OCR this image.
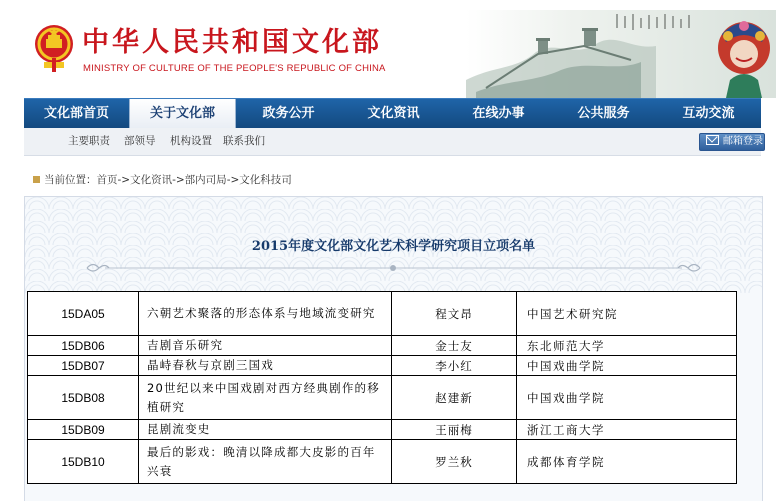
中华人民共和国文化部
MINISTRY OF CULTURE OF THE PEOPLE'S REPUBLIC OF CHINA
文化部首页	关于文化部	政务公开	文化资讯	在线办事	公共服务	互动交流
主要职责 部领导 机构设置 联系我们	邮箱登录
当前位置：首页->文化资讯->部内司局->文化科技司
2015年度文化部文化艺术科学研究项目立项名单
15DA05	六朝艺术聚落的形态体系与地域流变研究	程文昂	中国艺术研究院
15DB06	吉剧音乐研究	金士友	东北师范大学
15DB07	晶峙春秋与京剧三国戏	李小红	中国戏曲学院
15DB08	20世纪以来中国戏剧对西方经典剧作的移植研究	赵建新	中国戏曲学院
15DB09	昆剧流变史	王丽梅	浙江工商大学
15DB10	最后的影戏：晚清以降成都大皮影的百年兴衰	罗兰秋	成都体育学院
